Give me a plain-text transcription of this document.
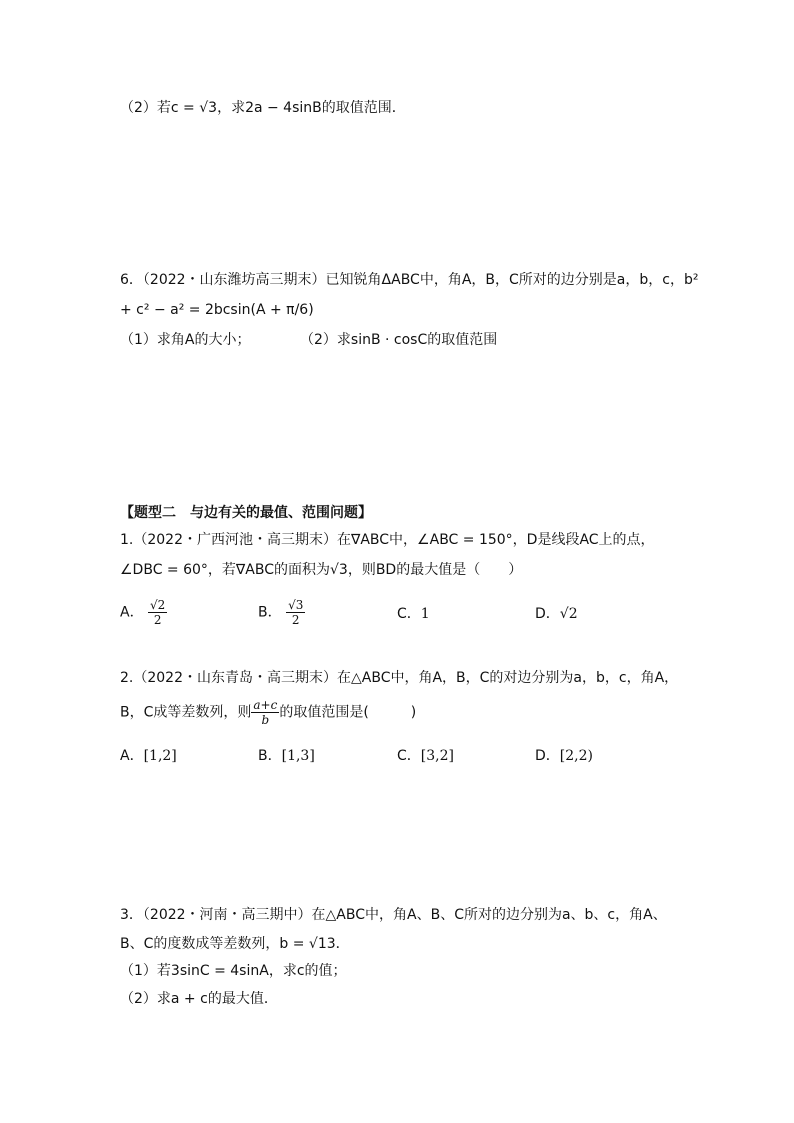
（2）若c = √3，求2a − 4sinB的取值范围．
6．（2022・山东潍坊高三期末）已知锐角ΔABC中，角A，B，C所对的边分别是a，b，c，b²
+ c² − a² = 2bcsin(A + π/6)
（1）求角A的大小；	（2）求sinB · cosC的取值范围
【题型二　与边有关的最值、范围问题】
1.（2022・广西河池・高三期末）在∇ABC中，∠ABC = 150°，D是线段AC上的点，
∠DBC = 60°，若∇ABC的面积为√3，则BD的最大值是（　　）
A． $\frac{√2}{2}$	B． $\frac{√3}{2}$	C．1	D．√2
2.（2022・山东青岛・高三期末）在△ABC中，角A，B，C的对边分别为a，b，c，角A，
B，C成等差数列，则 $\frac{a+c}{b}$ 的取值范围是(　　　)
A．[1,2]	B．[1,3]	C．[3,2]	D．[2,2)
3．（2022・河南・高三期中）在△ABC中，角A、B、C所对的边分别为a、b、c，角A、
B、C的度数成等差数列，b = √13．
（1）若3sinC = 4sinA，求c的值；
（2）求a + c的最大值．
